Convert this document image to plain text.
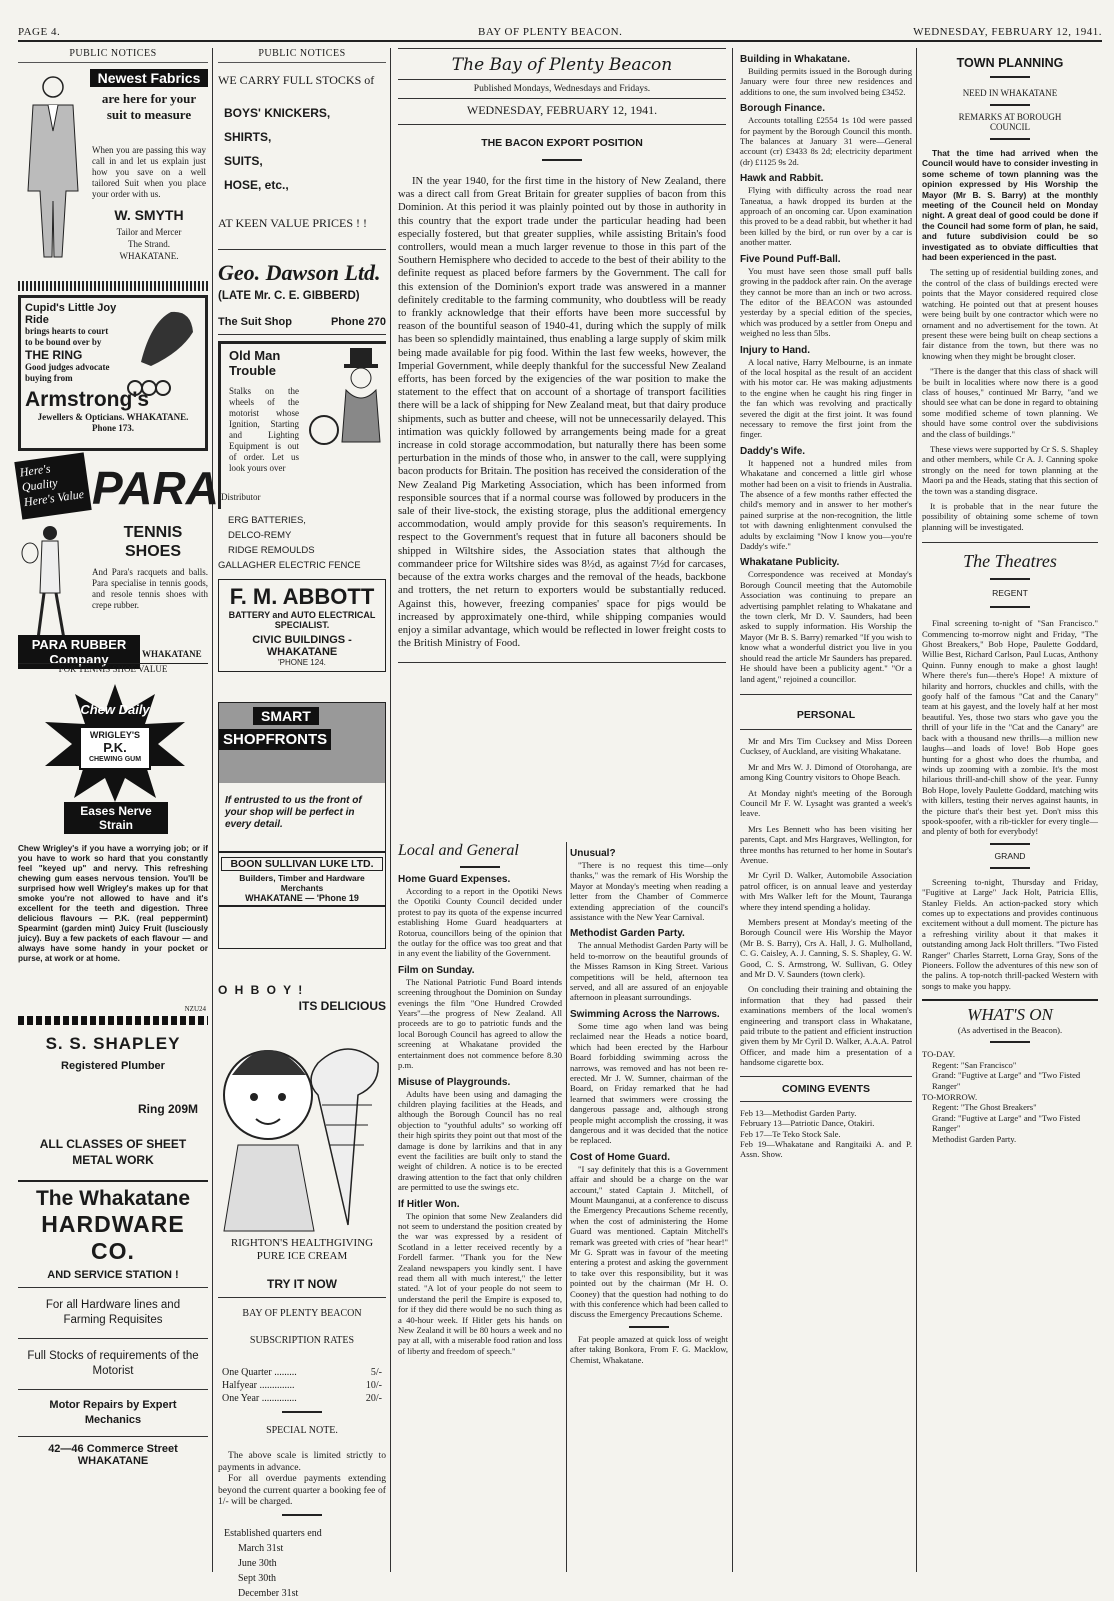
PAGE 4.	BAY OF PLENTY BEACON.	WEDNESDAY, FEBRUARY 12, 1941.
PUBLIC NOTICES
Newest Fabrics
are here for your suit to measure
When you are passing this way call in and let us explain just how you save on a well tailored Suit when you place your order with us.
W. SMYTH
Tailor and Mercer
The Strand.
WHAKATANE.
Cupid's Little Joy Ride
brings hearts to court to be bound over by
THE RING
Good judges advocate buying from
Armstrong's
Jewellers & Opticians. WHAKATANE. Phone 173.
Here's Quality Here's Value PARA
TENNIS SHOES
And Para's racquets and balls. Para specialise in tennis goods, and resole tennis shoes with crepe rubber.
PARA RUBBER Company	WHAKATANE
FOR TENNIS SHOE VALUE
Chew Daily
WRIGLEY'S
P.K.
CHEWING GUM
Eases Nerve Strain
Chew Wrigley's if you have a worrying job; or if you have to work so hard that you constantly feel "keyed up" and nervy. This refreshing chewing gum eases nervous tension. You'll be surprised how well Wrigley's makes up for that smoke you're not allowed to have and it's excellent for the teeth and digestion. Three delicious flavours — P.K. (real peppermint) Spearmint (garden mint) Juicy Fruit (lusciously juicy). Buy a few packets of each flavour — and always have some handy in your pocket or purse, at work or at home.
NZU24
S. S. SHAPLEY
Registered Plumber
Ring 209M
ALL CLASSES OF SHEET METAL WORK
The Whakatane
HARDWARE CO.
AND SERVICE STATION !
For all Hardware lines and Farming Requisites
Full Stocks of requirements of the Motorist
Motor Repairs by Expert Mechanics
42—46 Commerce Street
WHAKATANE
PUBLIC NOTICES
WE CARRY FULL STOCKS of
BOYS' KNICKERS,
SHIRTS,
SUITS,
HOSE, etc.,
AT KEEN VALUE PRICES ! !
Geo. Dawson Ltd.
(LATE Mr. C. E. GIBBERD)
The Suit Shop	Phone 270
Old Man Trouble
Stalks on the wheels of the motorist whose Ignition, Starting and Lighting Equipment is out of order. Let us look yours over
Distributor
ERG BATTERIES,
DELCO-REMY
RIDGE REMOULDS
GALLAGHER ELECTRIC FENCE
F. M. ABBOTT
BATTERY and AUTO ELECTRICAL SPECIALIST.
CIVIC BUILDINGS - WHAKATANE
'PHONE 124.
SMART
SHOPFRONTS
If entrusted to us the front of your shop will be perfect in every detail.
BOON SULLIVAN LUKE LTD.
Builders, Timber and Hardware Merchants
WHAKATANE — 'Phone 19
O H B O Y !
ITS DELICIOUS
RIGHTON'S HEALTHGIVING PURE ICE CREAM
TRY IT NOW
BAY OF PLENTY BEACON
SUBSCRIPTION RATES
One Quarter .........	5/-
Halfyear ..............	10/-
One Year ..............	20/-
SPECIAL NOTE.

The above scale is limited strictly to payments in advance.

For all overdue payments extending beyond the current quarter a booking fee of 1/- will be charged.

Established quarters end
March 31st
June 30th
Sept 30th
December 31st
The Bay of Plenty Beacon
Published Mondays, Wednesdays and Fridays.
WEDNESDAY, FEBRUARY 12, 1941.
THE BACON EXPORT POSITION

IN the year 1940, for the first time in the history of New Zealand, there was a direct call from Great Britain for greater supplies of bacon from this Dominion. At this period it was plainly pointed out by those in authority in this country that the export trade under the particular heading had been especially fostered, but that greater supplies, while assisting Britain's food controllers, would mean a much larger revenue to those in this part of the Southern Hemisphere who decided to accede to the best of their ability to the definite request as placed before farmers by the Government. The call for this extension of the Dominion's export trade was answered in a manner definitely creditable to the farming community, who doubtless will be ready to frankly acknowledge that their efforts have been more successful by reason of the bountiful season of 1940-41, during which the supply of milk has been so splendidly maintained, thus enabling a large supply of skim milk being made available for pig food. Within the last few weeks, however, the Imperial Government, while deeply thankful for the successful New Zealand efforts, has been forced by the exigencies of the war position to make the statement to the effect that on account of a shortage of transport facilities there will be a lack of shipping for New Zealand meat, but that dairy produce shipments, such as butter and cheese, will not be unnecessarily delayed. This intimation was quickly followed by arrangements being made for a great increase in cold storage accommodation, but naturally there has been some perturbation in the minds of those who, in answer to the call, were supplying bacon products for Britain. The position has received the consideration of the New Zealand Pig Marketing Association, which has been informed from responsible sources that if a normal course was followed by producers in the sale of their live-stock, the existing storage, plus the additional emergency accommodation, would amply provide for this season's requirements. In respect to the Government's request that in future all baconers should be shipped in Wiltshire sides, the Association states that although the commandeer price for Wiltshire sides was 8½d, as against 7½d for carcases, because of the extra works charges and the removal of the heads, backbone and trotters, the net return to exporters would be substantially reduced. Against this, however, freezing companies' space for pigs would be increased by approximately one-third, while shipping companies would enjoy a similar advantage, which would be reflected in lower freight costs to the British Ministry of Food.

Local and General
Home Guard Expenses.

According to a report in the Opotiki News the Opotiki County Council decided under protest to pay its quota of the expense incurred establishing Home Guard headquarters at Rotorua, councillors being of the opinion that the outlay for the office was too great and that in any event the liability of the Government.

Film on Sunday.

The National Patriotic Fund Board intends screening throughout the Dominion on Sunday evenings the film "One Hundred Crowded Years"—the progress of New Zealand. All proceeds are to go to patriotic funds and the local Borough Council has agreed to allow the screening at Whakatane provided the entertainment does not commence before 8.30 p.m.

Misuse of Playgrounds.

Adults have been using and damaging the children playing facilities at the Heads, and although the Borough Council has no real objection to "youthful adults" so working off their high spirits they point out that most of the damage is done by larrikins and that in any event the facilities are built only to stand the weight of children. A notice is to be erected drawing attention to the fact that only children are permitted to use the swings etc.

If Hitler Won.

The opinion that some New Zealanders did not seem to understand the position created by the war was expressed by a resident of Scotland in a letter received recently by a Fordell farmer. "Thank you for the New Zealand newspapers you kindly sent. I have read them all with much interest," the letter stated. "A lot of your people do not seem to understand the peril the Empire is exposed to, for if they did there would be no such thing as a 40-hour week. If Hitler gets his hands on New Zealand it will be 80 hours a week and no pay at all, with a miserable food ration and loss of liberty and freedom of speech."

Unusual?

"There is no request this time—only thanks," was the remark of His Worship the Mayor at Monday's meeting when reading a letter from the Chamber of Commerce extending appreciation of the council's assistance with the New Year Carnival.

Methodist Garden Party.

The annual Methodist Garden Party will be held to-morrow on the beautiful grounds of the Misses Ramson in King Street. Various competitions will be held, afternoon tea served, and all are assured of an enjoyable afternoon in pleasant surroundings.

Swimming Across the Narrows.

Some time ago when land was being reclaimed near the Heads a notice board, which had been erected by the Harbour Board forbidding swimming across the narrows, was removed and has not been re-erected. Mr J. W. Sumner, chairman of the Board, on Friday remarked that he had learned that swimmers were crossing the dangerous passage and, although strong people might accomplish the crossing, it was dangerous and it was decided that the notice be replaced.

Cost of Home Guard.

"I say definitely that this is a Government affair and should be a charge on the war account," stated Captain J. Mitchell, of Mount Maunganui, at a conference to discuss the Emergency Precautions Scheme recently, when the cost of administering the Home Guard was mentioned. Captain Mitchell's remark was greeted with cries of "hear hear!" Mr G. Spratt was in favour of the meeting entering a protest and asking the government to take over this responsibility, but it was pointed out by the chairman (Mr H. O. Cooney) that the question had nothing to do with this conference which had been called to discuss the Emergency Precautions Scheme.

Fat people amazed at quick loss of weight after taking Bonkora, From F. G. Macklow, Chemist, Whakatane.

Building in Whakatane.

Building permits issued in the Borough during January were four three new residences and additions to one, the sum involved being £3452.

Borough Finance.

Accounts totalling £2554 1s 10d were passed for payment by the Borough Council this month. The balances at January 31 were—General account (cr) £3433 8s 2d; electricity department (dr) £1125 9s 2d.

Hawk and Rabbit.

Flying with difficulty across the road near Taneatua, a hawk dropped its burden at the approach of an oncoming car. Upon examination this proved to be a dead rabbit, but whether it had been killed by the bird, or run over by a car is another matter.

Five Pound Puff-Ball.

You must have seen those small puff balls growing in the paddock after rain. On the average they cannot be more than an inch or two across. The editor of the BEACON was astounded yesterday by a special edition of the species, which was produced by a settler from Onepu and weighed no less than 5lbs.

Injury to Hand.

A local native, Harry Melbourne, is an inmate of the local hospital as the result of an accident with his motor car. He was making adjustments to the engine when he caught his ring finger in the fan which was revolving and practically severed the digit at the first joint. It was found necessary to remove the first joint from the finger.

Daddy's Wife.

It happened not a hundred miles from Whakatane and concerned a little girl whose mother had been on a visit to friends in Australia. The absence of a few months rather effected the child's memory and in answer to her mother's pained surprise at the non-recognition, the little tot with dawning enlightenment convulsed the adults by exclaiming "Now I know you—you're Daddy's wife."

Whakatane Publicity.

Correspondence was received at Monday's Borough Council meeting that the Automobile Association was continuing to prepare an advertising pamphlet relating to Whakatane and the town clerk, Mr D. V. Saunders, had been asked to supply information. His Worship the Mayor (Mr B. S. Barry) remarked "If you wish to know what a wonderful district you live in you should read the article Mr Saunders has prepared. He should have been a publicity agent." "Or a land agent," rejoined a councillor.

PERSONAL

Mr and Mrs Tim Cucksey and Miss Doreen Cucksey, of Auckland, are visiting Whakatane.

Mr and Mrs W. J. Dimond of Otorohanga, are among King Country visitors to Ohope Beach.

At Monday night's meeting of the Borough Council Mr F. W. Lysaght was granted a week's leave.

Mrs Les Bennett who has been visiting her parents, Capt. and Mrs Hargraves, Wellington, for three months has returned to her home in Soutar's Avenue.

Mr Cyril D. Walker, Automobile Association patrol officer, is on annual leave and yesterday with Mrs Walker left for the Mount, Tauranga where they intend spending a holiday.

Members present at Monday's meeting of the Borough Council were His Worship the Mayor (Mr B. S. Barry), Crs A. Hall, J. G. Mulholland, C. G. Caisley, A. J. Canning, S. S. Shapley, G. W. Good, C. S. Armstrong, W. Sullivan, G. Otley and Mr D. V. Saunders (town clerk).

On concluding their training and obtaining the information that they had passed their examinations members of the local women's engineering and transport class in Whakatane, paid tribute to the patient and efficient instruction given them by Mr Cyril D. Walker, A.A.A. Patrol Officer, and made him a presentation of a handsome cigarette box.

COMING EVENTS
Feb 13—Methodist Garden Party.
February 13—Patriotic Dance, Otakiri.
Feb 17—Te Teko Stock Sale.
Feb 19—Whakatane and Rangitaiki A. and P. Assn. Show.
TOWN PLANNING
NEED IN WHAKATANE
REMARKS AT BOROUGH COUNCIL

That the time had arrived when the Council would have to consider investing in some scheme of town planning was the opinion expressed by His Worship the Mayor (Mr B. S. Barry) at the monthly meeting of the Council held on Monday night. A great deal of good could be done if the Council had some form of plan, he said, and future subdivision could be so investigated as to obviate difficulties that had been experienced in the past.

The setting up of residential building zones, and the control of the class of buildings erected were points that the Mayor considered required close watching. He pointed out that at present houses were being built by one contractor which were no ornament and no advertisement for the town. At present these were being built on cheap sections a fair distance from the town, but there was no knowing when they might be brought closer.

"There is the danger that this class of shack will be built in localities where now there is a good class of houses," continued Mr Barry, "and we should see what can be done in regard to obtaining some modified scheme of town planning. We should have some control over the subdivisions and the class of buildings."

These views were supported by Cr S. S. Shapley and other members, while Cr A. J. Canning spoke strongly on the need for town planning at the Maori pa and the Heads, stating that this section of the town was a standing disgrace.

It is probable that in the near future the possibility of obtaining some scheme of town planning will be investigated.

The Theatres
REGENT

Final screening to-night of "San Francisco." Commencing to-morrow night and Friday, "The Ghost Breakers," Bob Hope, Paulette Goddard, Willie Best, Richard Carlson, Paul Lucas, Anthony Quinn. Funny enough to make a ghost laugh! Where there's fun—there's Hope! A mixture of hilarity and horrors, chuckles and chills, with the goofy half of the famous "Cat and the Canary" team at his gayest, and the lovely half at her most beautiful. Yes, those two stars who gave you the thrill of your life in the "Cat and the Canary" are back with a thousand new thrills—a million new laughs—and loads of love! Bob Hope goes hunting for a ghost who does the rhumba, and winds up zooming with a zombie. It's the most hilarious thrill-and-chill show of the year. Funny Bob Hope, lovely Paulette Goddard, matching wits with killers, testing their nerves against haunts, in the picture that's their best yet. Don't miss this spook-spoofer, with a rib-tickler for every tingle—and plenty of both for everybody!

GRAND

Screening to-night, Thursday and Friday, "Fugitive at Large" Jack Holt, Patricia Ellis, Stanley Fields. An action-packed story which comes up to expectations and provides continuous excitement without a dull moment. The picture has a refreshing virility about it that makes it outstanding among Jack Holt thrillers. "Two Fisted Ranger" Charles Starrett, Lorna Gray, Sons of the Pioneers. Follow the adventures of this new son of the palins. A top-notch thrill-packed Western with songs to make you happy.

WHAT'S ON
(As advertised in the Beacon).
TO-DAY.
Regent: "San Francisco"
Grand: "Fugtive at Large" and "Two Fisted Ranger"
TO-MORROW.
Regent: "The Ghost Breakers"
Grand: "Fugtive at Large" and "Two Fisted Ranger"
Methodist Garden Party.
